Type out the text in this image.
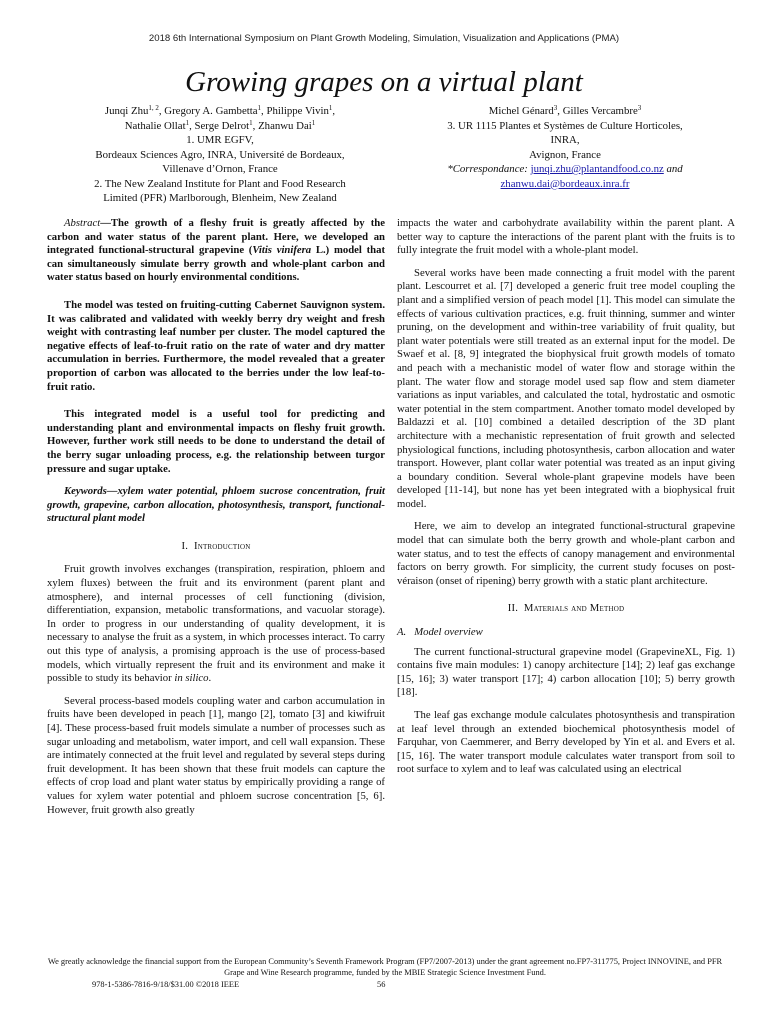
2018 6th International Symposium on Plant Growth Modeling, Simulation, Visualization and Applications (PMA)
Growing grapes on a virtual plant
Junqi Zhu$^{1, 2}$, Gregory A. Gambetta$^1$, Philippe Vivin$^1$,
Nathalie Ollat$^1$, Serge Delrot$^1$, Zhanwu Dai$^1$
1. UMR EGFV,
Bordeaux Sciences Agro, INRA, Université de Bordeaux,
Villenave d’Ornon, France
2. The New Zealand Institute for Plant and Food Research
Limited (PFR) Marlborough, Blenheim, New Zealand
Michel Génard$^3$, Gilles Vercambre$^3$
3. UR 1115 Plantes et Systèmes de Culture Horticoles,
INRA,
Avignon, France
*Correspondance: junqi.zhu@plantandfood.co.nz and
zhanwu.dai@bordeaux.inra.fr

Abstract—The growth of a fleshy fruit is greatly affected by the carbon and water status of the parent plant. Here, we developed an integrated functional-structural grapevine (Vitis vinifera L.) model that can simultaneously simulate berry growth and whole-plant carbon and water status based on hourly environmental conditions.

The model was tested on fruiting-cutting Cabernet Sauvignon system. It was calibrated and validated with weekly berry dry weight and fresh weight with contrasting leaf number per cluster. The model captured the negative effects of leaf-to-fruit ratio on the rate of water and dry matter accumulation in berries. Furthermore, the model revealed that a greater proportion of carbon was allocated to the berries under the low leaf-to-fruit ratio.

This integrated model is a useful tool for predicting and understanding plant and environmental impacts on fleshy fruit growth. However, further work still needs to be done to understand the detail of the berry sugar unloading process, e.g. the relationship between turgor pressure and sugar uptake.

Keywords—xylem water potential, phloem sucrose concentration, fruit growth, grapevine, carbon allocation, photosynthesis, transport, functional-structural plant model

I. Introduction

Fruit growth involves exchanges (transpiration, respiration, phloem and xylem fluxes) between the fruit and its environment (parent plant and atmosphere), and internal processes of cell functioning (division, differentiation, expansion, metabolic transformations, and vacuolar storage). In order to progress in our understanding of quality development, it is necessary to analyse the fruit as a system, in which processes interact. To carry out this type of analysis, a promising approach is the use of process-based models, which virtually represent the fruit and its environment and make it possible to study its behavior in silico.

Several process-based models coupling water and carbon accumulation in fruits have been developed in peach [1], mango [2], tomato [3] and kiwifruit [4]. These process-based fruit models simulate a number of processes such as sugar unloading and metabolism, water import, and cell wall expansion. These are intimately connected at the fruit level and regulated by several steps during fruit development. It has been shown that these fruit models can capture the effects of crop load and plant water status by empirically providing a range of values for xylem water potential and phloem sucrose concentration [5, 6]. However, fruit growth also greatly

impacts the water and carbohydrate availability within the parent plant. A better way to capture the interactions of the parent plant with the fruits is to fully integrate the fruit model with a whole-plant model.

Several works have been made connecting a fruit model with the parent plant. Lescourret et al. [7] developed a generic fruit tree model coupling the plant and a simplified version of peach model [1]. This model can simulate the effects of various cultivation practices, e.g. fruit thinning, summer and winter pruning, on the development and within-tree variability of fruit quality, but plant water potentials were still treated as an external input for the model. De Swaef et al. [8, 9] integrated the biophysical fruit growth models of tomato and peach with a mechanistic model of water flow and storage within the plant. The water flow and storage model used sap flow and stem diameter variations as input variables, and calculated the total, hydrostatic and osmotic water potential in the stem compartment. Another tomato model developed by Baldazzi et al. [10] combined a detailed description of the 3D plant architecture with a mechanistic representation of fruit growth and selected physiological functions, including photosynthesis, carbon allocation and water transport. However, plant collar water potential was treated as an input giving a boundary condition. Several whole-plant grapevine models have been developed [11-14], but none has yet been integrated with a biophysical fruit model.

Here, we aim to develop an integrated functional-structural grapevine model that can simulate both the berry growth and whole-plant carbon and water status, and to test the effects of canopy management and environmental factors on berry growth. For simplicity, the current study focuses on post-véraison (onset of ripening) berry growth with a static plant architecture.

II. Materials and Method
A. Model overview

The current functional-structural grapevine model (GrapevineXL, Fig. 1) contains five main modules: 1) canopy architecture [14]; 2) leaf gas exchange [15, 16]; 3) water transport [17]; 4) carbon allocation [10]; 5) berry growth [18].

The leaf gas exchange module calculates photosynthesis and transpiration at leaf level through an extended biochemical photosynthesis model of Farquhar, von Caemmerer, and Berry developed by Yin et al. and Evers et al. [15, 16]. The water transport module calculates water transport from soil to root surface to xylem and to leaf was calculated using an electrical

We greatly acknowledge the financial support from the European Community’s Seventh Framework Program (FP7/2007-2013) under the grant agreement no.FP7-311775, Project INNOVINE, and PFR Grape and Wine Research programme, funded by the MBIE Strategic Science Investment Fund.
978-1-5386-7816-9/18/$31.00 ©2018 IEEE	56
